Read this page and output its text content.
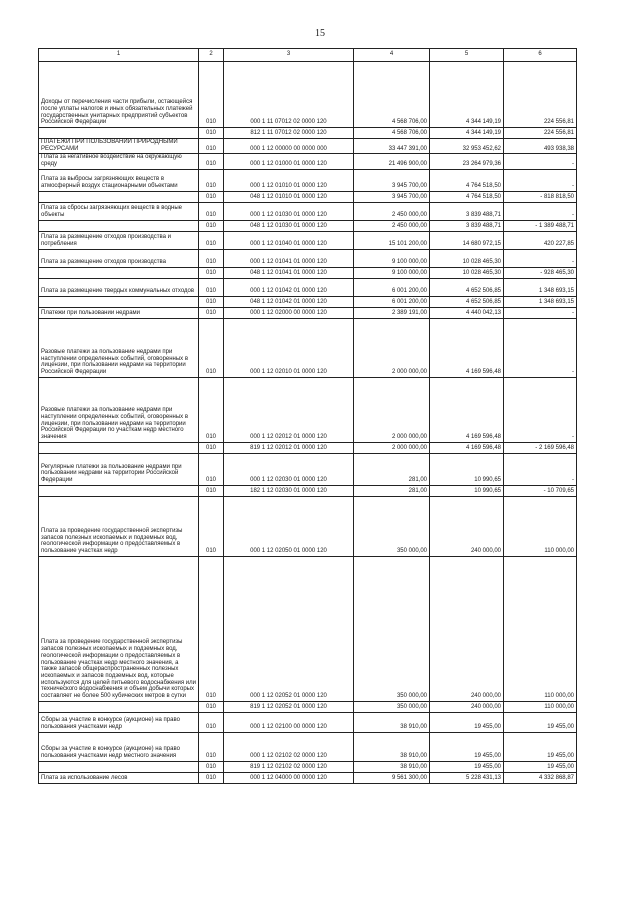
15
1	2	3	4	5	6
Доходы от перечисления части прибыли, остающейся после уплаты налогов и иных обязательных платежей государственных унитарных предприятий субъектов Российской Федерации	010	000 1 11 07012 02 0000 120	4 568 706,00	4 344 149,19	224 556,81
	010	812 1 11 07012 02 0000 120	4 568 706,00	4 344 149,19	224 556,81
ПЛАТЕЖИ ПРИ ПОЛЬЗОВАНИИ ПРИРОДНЫМИ РЕСУРСАМИ	010	000 1 12 00000 00 0000 000	33 447 391,00	32 953 452,62	493 938,38
Плата за негативное воздействие на окружающую среду	010	000 1 12 01000 01 0000 120	21 496 900,00	23 264 979,36	-
Плата за выбросы загрязняющих веществ в атмосферный воздух стационарными объектами	010	000 1 12 01010 01 0000 120	3 945 700,00	4 764 518,50	-
	010	048 1 12 01010 01 0000 120	3 945 700,00	4 764 518,50	- 818 818,50
Плата за сбросы загрязняющих веществ в водные объекты	010	000 1 12 01030 01 0000 120	2 450 000,00	3 839 488,71	-
	010	048 1 12 01030 01 0000 120	2 450 000,00	3 839 488,71	- 1 389 488,71
Плата за размещение отходов производства и потребления	010	000 1 12 01040 01 0000 120	15 101 200,00	14 680 972,15	420 227,85
Плата за размещение отходов производства	010	000 1 12 01041 01 0000 120	9 100 000,00	10 028 465,30	-
	010	048 1 12 01041 01 0000 120	9 100 000,00	10 028 465,30	- 928 465,30
Плата за размещение твердых коммунальных отходов	010	000 1 12 01042 01 0000 120	6 001 200,00	4 652 506,85	1 348 693,15
	010	048 1 12 01042 01 0000 120	6 001 200,00	4 652 506,85	1 348 693,15
Платежи при пользовании недрами	010	000 1 12 02000 00 0000 120	2 389 191,00	4 440 042,13	-
Разовые платежи за пользование недрами при наступлении определенных событий, оговоренных в лицензии, при пользовании недрами на территории Российской Федерации	010	000 1 12 02010 01 0000 120	2 000 000,00	4 169 596,48	-
Разовые платежи за пользование недрами при наступлении определенных событий, оговоренных в лицензии, при пользовании недрами на территории Российской Федерации по участкам недр местного значения	010	000 1 12 02012 01 0000 120	2 000 000,00	4 169 596,48	-
	010	819 1 12 02012 01 0000 120	2 000 000,00	4 169 596,48	- 2 169 596,48
Регулярные платежи за пользование недрами при пользовании недрами на территории Российской Федерации	010	000 1 12 02030 01 0000 120	281,00	10 990,65	-
	010	182 1 12 02030 01 0000 120	281,00	10 990,65	- 10 709,65
Плата за проведение государственной экспертизы запасов полезных ископаемых и подземных вод, геологической информации о предоставляемых в пользование участках недр	010	000 1 12 02050 01 0000 120	350 000,00	240 000,00	110 000,00
Плата за проведение государственной экспертизы запасов полезных ископаемых и подземных вод, геологической информации о предоставляемых в пользование участках недр местного значения, а также запасов общераспространенных полезных ископаемых и запасов подземных вод, которые используются для целей питьевого водоснабжения или технического водоснабжения и объем добычи которых составляет не более 500 кубических метров в сутки	010	000 1 12 02052 01 0000 120	350 000,00	240 000,00	110 000,00
	010	819 1 12 02052 01 0000 120	350 000,00	240 000,00	110 000,00
Сборы за участие в конкурсе (аукционе) на право пользования участками недр	010	000 1 12 02100 00 0000 120	38 910,00	19 455,00	19 455,00
Сборы за участие в конкурсе (аукционе) на право пользования участками недр местного значения	010	000 1 12 02102 02 0000 120	38 910,00	19 455,00	19 455,00
	010	819 1 12 02102 02 0000 120	38 910,00	19 455,00	19 455,00
Плата за использование лесов	010	000 1 12 04000 00 0000 120	9 561 300,00	5 228 431,13	4 332 868,87
